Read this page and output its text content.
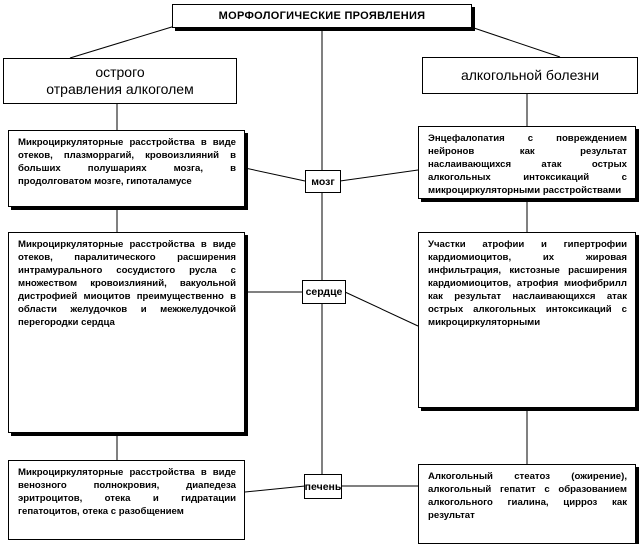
МОРФОЛОГИЧЕСКИЕ ПРОЯВЛЕНИЯ
острого
отравления алкоголем
алкогольной болезни

Микроциркуляторные расстройства в виде отеков, плазморрагий, кровоизлияний в больших полушариях мозга, в продолговатом мозге, гипоталамусе

Микроциркуляторные расстройства в виде отеков, паралитического расширения интрамурального сосудистого русла с множеством кровоизлияний, вакуольной дистрофией миоцитов преимущественно в области желудочков и межжелудочкой перегородки сердца

Микроциркуляторные расстройства в виде венозного полнокровия, диапедеза эритроцитов, отека и гидратации гепатоцитов, отека с разобщением

Энцефалопатия с повреждением нейронов как результат наслаивающихся атак острых алкогольных интоксикаций с микроциркуляторными расстройствами

Участки атрофии и гипертрофии кардиомиоцитов, их жировая инфильтрация, кистозные расширения кардиомиоцитов, атрофия миофибрилл как результат наслаивающихся атак острых алкогольных интоксикаций с микроциркуляторными

Алкогольный стеатоз (ожирение), алкогольный гепатит с образованием алкогольного гиалина, цирроз как результат

мозг
сердце
печень
